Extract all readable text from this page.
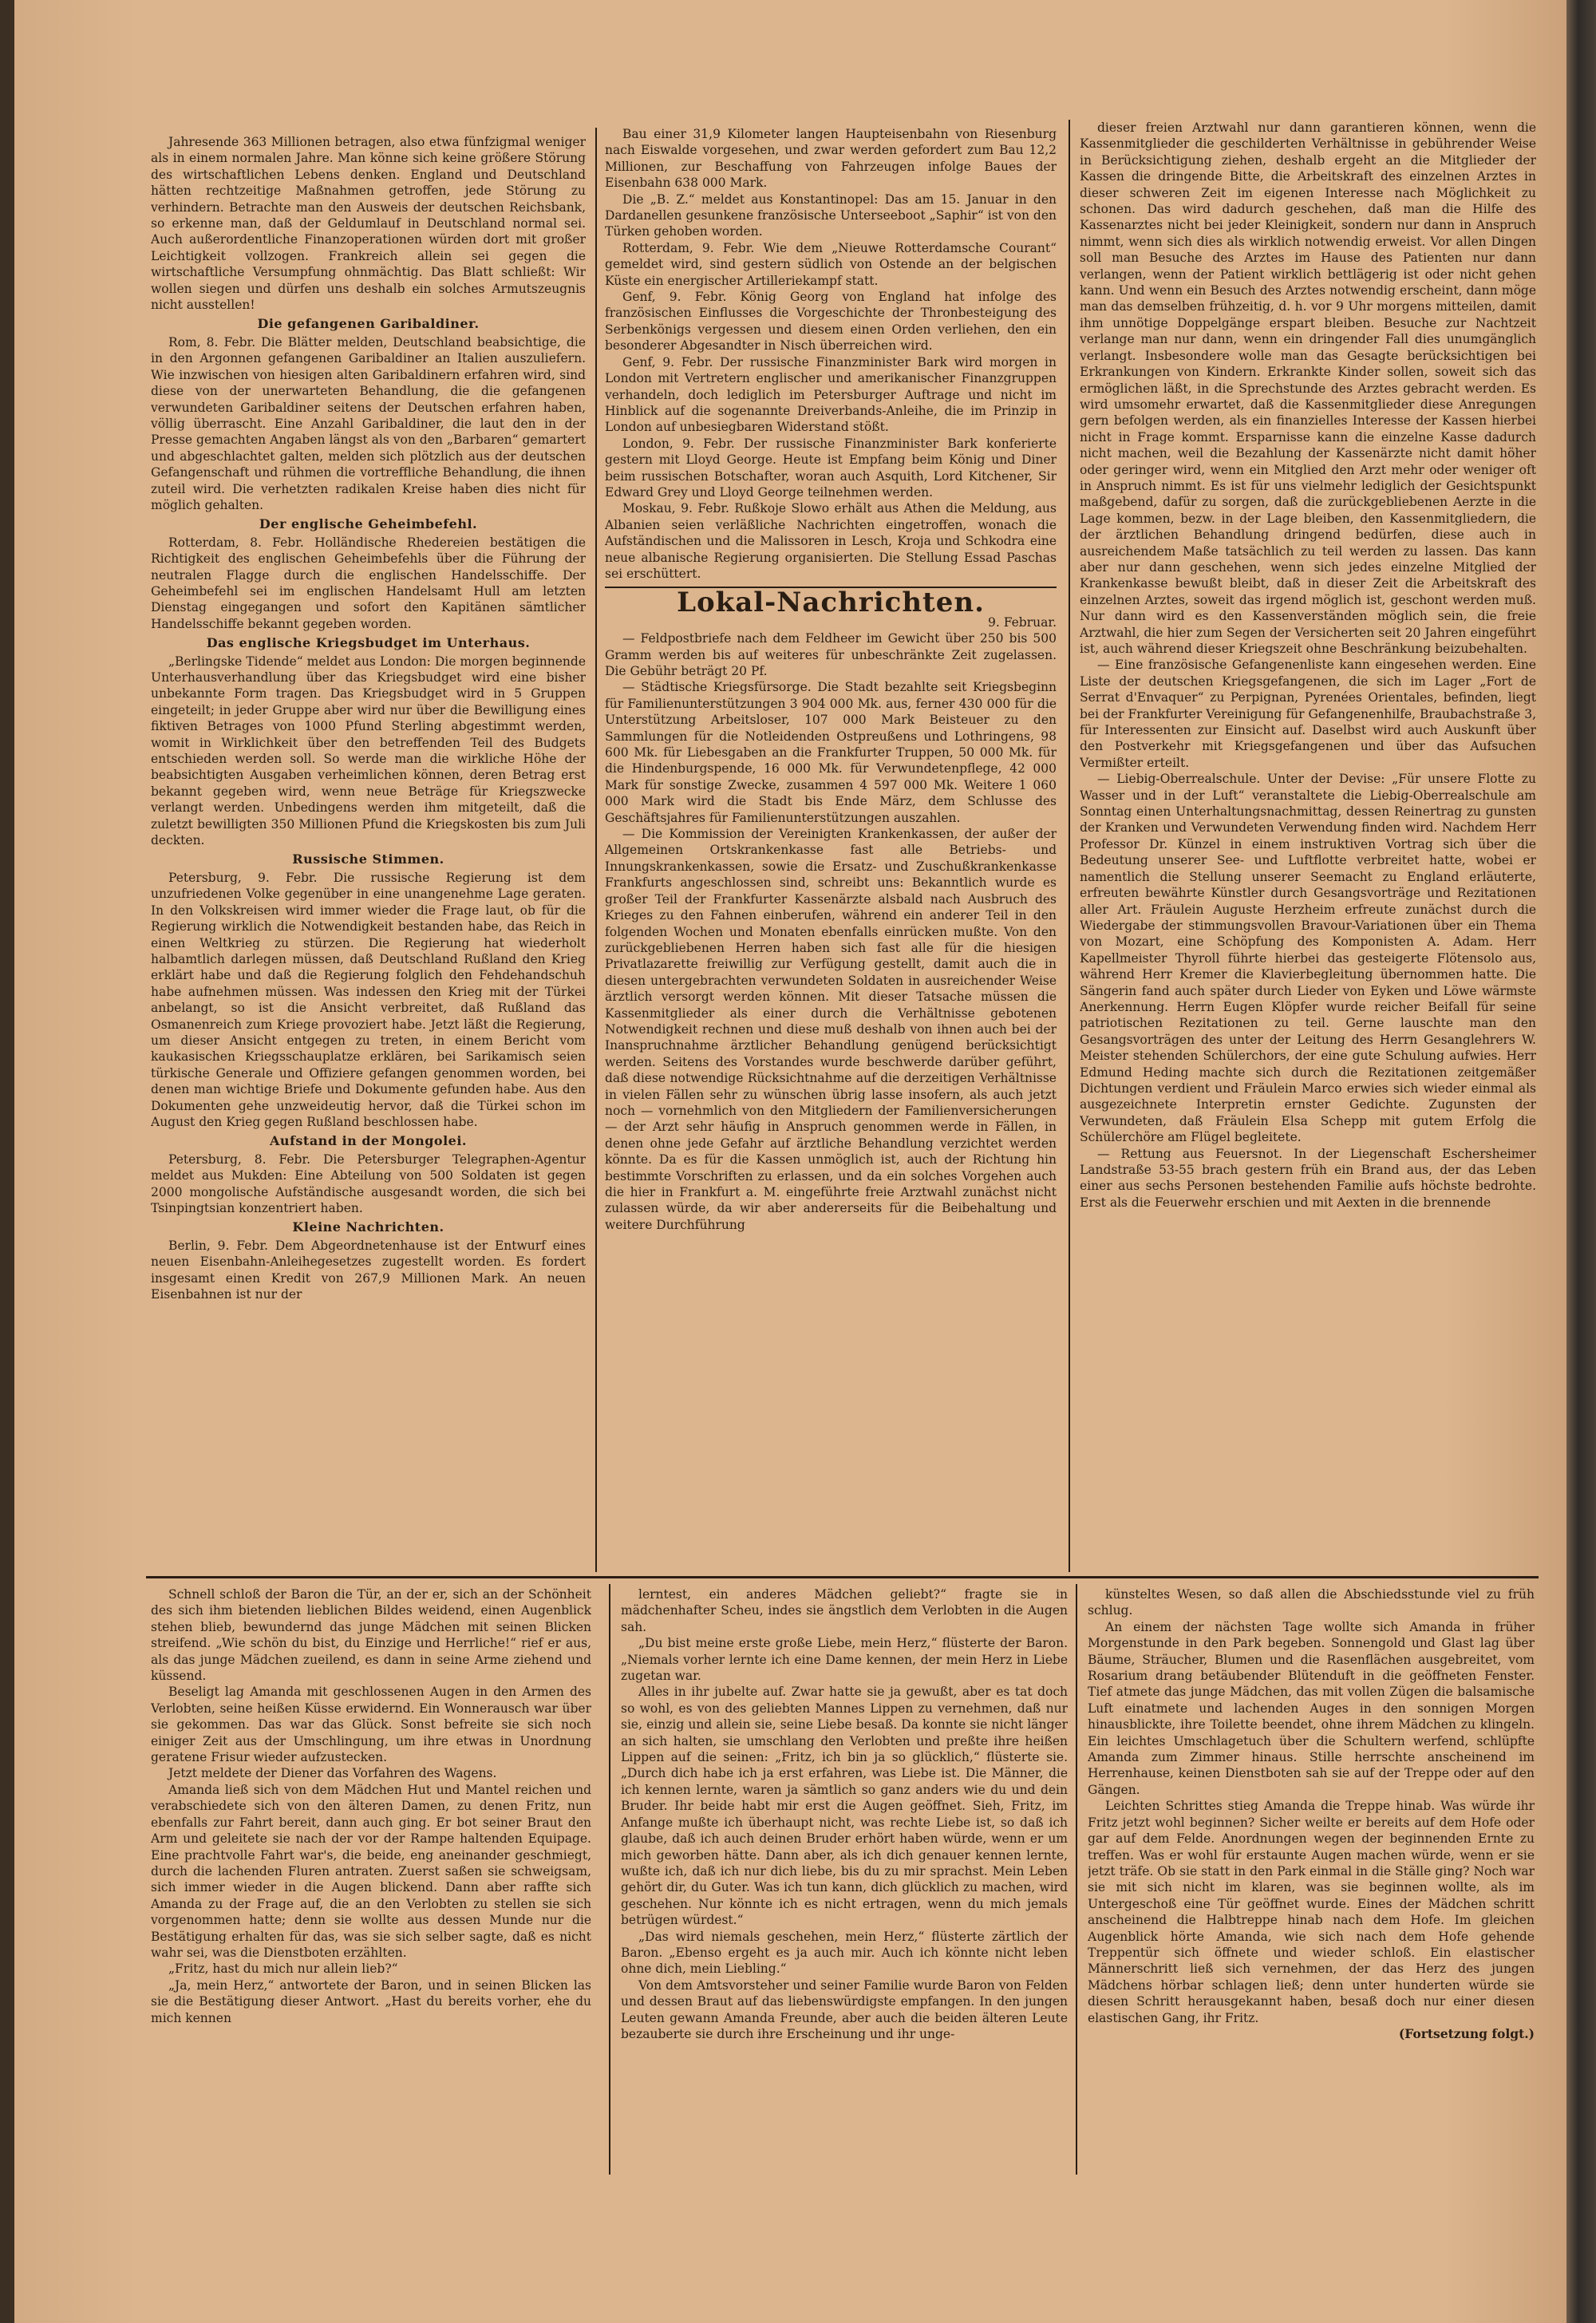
Jahresende 363 Millionen betragen, also etwa fünfzigmal weniger als in einem normalen Jahre. Man könne sich keine größere Störung des wirtschaftlichen Lebens denken. England und Deutschland hätten rechtzeitige Maßnahmen getroffen, jede Störung zu verhindern. Betrachte man den Ausweis der deutschen Reichsbank, so erkenne man, daß der Geldumlauf in Deutschland normal sei. Auch außerordentliche Finanzoperationen würden dort mit großer Leichtigkeit vollzogen. Frankreich allein sei gegen die wirtschaftliche Versumpfung ohnmächtig. Das Blatt schließt: Wir wollen siegen und dürfen uns deshalb ein solches Armutszeugnis nicht ausstellen!

Die gefangenen Garibaldiner.

Rom, 8. Febr. Die Blätter melden, Deutschland beabsichtige, die in den Argonnen gefangenen Garibaldiner an Italien auszuliefern. Wie inzwischen von hiesigen alten Garibaldinern erfahren wird, sind diese von der unerwarteten Behandlung, die die gefangenen verwundeten Garibaldiner seitens der Deutschen erfahren haben, völlig überrascht. Eine Anzahl Garibaldiner, die laut den in der Presse gemachten Angaben längst als von den „Barbaren“ gemartert und abgeschlachtet galten, melden sich plötzlich aus der deutschen Gefangenschaft und rühmen die vortreffliche Behandlung, die ihnen zuteil wird. Die verhetzten radikalen Kreise haben dies nicht für möglich gehalten.

Der englische Geheimbefehl.

Rotterdam, 8. Febr. Holländische Rhedereien bestätigen die Richtigkeit des englischen Geheimbefehls über die Führung der neutralen Flagge durch die englischen Handelsschiffe. Der Geheimbefehl sei im englischen Handelsamt Hull am letzten Dienstag eingegangen und sofort den Kapitänen sämtlicher Handelsschiffe bekannt gegeben worden.

Das englische Kriegsbudget im Unterhaus.

„Berlingske Tidende“ meldet aus London: Die morgen beginnende Unterhausverhandlung über das Kriegsbudget wird eine bisher unbekannte Form tragen. Das Kriegsbudget wird in 5 Gruppen eingeteilt; in jeder Gruppe aber wird nur über die Bewilligung eines fiktiven Betrages von 1000 Pfund Sterling abgestimmt werden, womit in Wirklichkeit über den betreffenden Teil des Budgets entschieden werden soll. So werde man die wirkliche Höhe der beabsichtigten Ausgaben verheimlichen können, deren Betrag erst bekannt gegeben wird, wenn neue Beträge für Kriegszwecke verlangt werden. Unbedingens werden ihm mitgeteilt, daß die zuletzt bewilligten 350 Millionen Pfund die Kriegskosten bis zum Juli deckten.

Russische Stimmen.

Petersburg, 9. Febr. Die russische Regierung ist dem unzufriedenen Volke gegenüber in eine unangenehme Lage geraten. In den Volkskreisen wird immer wieder die Frage laut, ob für die Regierung wirklich die Notwendigkeit bestanden habe, das Reich in einen Weltkrieg zu stürzen. Die Regierung hat wiederholt halbamtlich darlegen müssen, daß Deutschland Rußland den Krieg erklärt habe und daß die Regierung folglich den Fehdehandschuh habe aufnehmen müssen. Was indessen den Krieg mit der Türkei anbelangt, so ist die Ansicht verbreitet, daß Rußland das Osmanenreich zum Kriege provoziert habe. Jetzt läßt die Regierung, um dieser Ansicht entgegen zu treten, in einem Bericht vom kaukasischen Kriegsschauplatze erklären, bei Sarikamisch seien türkische Generale und Offiziere gefangen genommen worden, bei denen man wichtige Briefe und Dokumente gefunden habe. Aus den Dokumenten gehe unzweideutig hervor, daß die Türkei schon im August den Krieg gegen Rußland beschlossen habe.

Aufstand in der Mongolei.

Petersburg, 8. Febr. Die Petersburger Telegraphen-Agentur meldet aus Mukden: Eine Abteilung von 500 Soldaten ist gegen 2000 mongolische Aufständische ausgesandt worden, die sich bei Tsinpingtsian konzentriert haben.

Kleine Nachrichten.

Berlin, 9. Febr. Dem Abgeordnetenhause ist der Entwurf eines neuen Eisenbahn-Anleihegesetzes zugestellt worden. Es fordert insgesamt einen Kredit von 267,9 Millionen Mark. An neuen Eisenbahnen ist nur der

Bau einer 31,9 Kilometer langen Haupteisenbahn von Riesenburg nach Eiswalde vorgesehen, und zwar werden gefordert zum Bau 12,2 Millionen, zur Beschaffung von Fahrzeugen infolge Baues der Eisenbahn 638 000 Mark.

Die „B. Z.“ meldet aus Konstantinopel: Das am 15. Januar in den Dardanellen gesunkene französische Unterseeboot „Saphir“ ist von den Türken gehoben worden.

Rotterdam, 9. Febr. Wie dem „Nieuwe Rotterdamsche Courant“ gemeldet wird, sind gestern südlich von Ostende an der belgischen Küste ein energischer Artilleriekampf statt.

Genf, 9. Febr. König Georg von England hat infolge des französischen Einflusses die Vorgeschichte der Thronbesteigung des Serbenkönigs vergessen und diesem einen Orden verliehen, den ein besonderer Abgesandter in Nisch überreichen wird.

Genf, 9. Febr. Der russische Finanzminister Bark wird morgen in London mit Vertretern englischer und amerikanischer Finanzgruppen verhandeln, doch lediglich im Petersburger Auftrage und nicht im Hinblick auf die sogenannte Dreiverbands-Anleihe, die im Prinzip in London auf unbesiegbaren Widerstand stößt.

London, 9. Febr. Der russische Finanzminister Bark konferierte gestern mit Lloyd George. Heute ist Empfang beim König und Diner beim russischen Botschafter, woran auch Asquith, Lord Kitchener, Sir Edward Grey und Lloyd George teilnehmen werden.

Moskau, 9. Febr. Rußkoje Slowo erhält aus Athen die Meldung, aus Albanien seien verläßliche Nachrichten eingetroffen, wonach die Aufständischen und die Malissoren in Lesch, Kroja und Schkodra eine neue albanische Regierung organisierten. Die Stellung Essad Paschas sei erschüttert.

Lokal-Nachrichten.

9. Februar.

— Feldpostbriefe nach dem Feldheer im Gewicht über 250 bis 500 Gramm werden bis auf weiteres für unbeschränkte Zeit zugelassen. Die Gebühr beträgt 20 Pf.

— Städtische Kriegsfürsorge. Die Stadt bezahlte seit Kriegsbeginn für Familienunterstützungen 3 904 000 Mk. aus, ferner 430 000 für die Unterstützung Arbeitsloser, 107 000 Mark Beisteuer zu den Sammlungen für die Notleidenden Ostpreußens und Lothringens, 98 600 Mk. für Liebesgaben an die Frankfurter Truppen, 50 000 Mk. für die Hindenburgspende, 16 000 Mk. für Verwundetenpflege, 42 000 Mark für sonstige Zwecke, zusammen 4 597 000 Mk. Weitere 1 060 000 Mark wird die Stadt bis Ende März, dem Schlusse des Geschäftsjahres für Familienunterstützungen auszahlen.

— Die Kommission der Vereinigten Krankenkassen, der außer der Allgemeinen Ortskrankenkasse fast alle Betriebs- und Innungskrankenkassen, sowie die Ersatz- und Zuschußkrankenkasse Frankfurts angeschlossen sind, schreibt uns: Bekanntlich wurde es großer Teil der Frankfurter Kassenärzte alsbald nach Ausbruch des Krieges zu den Fahnen einberufen, während ein anderer Teil in den folgenden Wochen und Monaten ebenfalls einrücken mußte. Von den zurückgebliebenen Herren haben sich fast alle für die hiesigen Privatlazarette freiwillig zur Verfügung gestellt, damit auch die in diesen untergebrachten verwundeten Soldaten in ausreichender Weise ärztlich versorgt werden können. Mit dieser Tatsache müssen die Kassenmitglieder als einer durch die Verhältnisse gebotenen Notwendigkeit rechnen und diese muß deshalb von ihnen auch bei der Inanspruchnahme ärztlicher Behandlung genügend berücksichtigt werden. Seitens des Vorstandes wurde beschwerde darüber geführt, daß diese notwendige Rücksichtnahme auf die derzeitigen Verhältnisse in vielen Fällen sehr zu wünschen übrig lasse insofern, als auch jetzt noch — vornehmlich von den Mitgliedern der Familienversicherungen — der Arzt sehr häufig in Anspruch genommen werde in Fällen, in denen ohne jede Gefahr auf ärztliche Behandlung verzichtet werden könnte. Da es für die Kassen unmöglich ist, auch der Richtung hin bestimmte Vorschriften zu erlassen, und da ein solches Vorgehen auch die hier in Frankfurt a. M. eingeführte freie Arztwahl zunächst nicht zulassen würde, da wir aber andererseits für die Beibehaltung und weitere Durchführung

dieser freien Arztwahl nur dann garantieren können, wenn die Kassenmitglieder die geschilderten Verhältnisse in gebührender Weise in Berücksichtigung ziehen, deshalb ergeht an die Mitglieder der Kassen die dringende Bitte, die Arbeitskraft des einzelnen Arztes in dieser schweren Zeit im eigenen Interesse nach Möglichkeit zu schonen. Das wird dadurch geschehen, daß man die Hilfe des Kassenarztes nicht bei jeder Kleinigkeit, sondern nur dann in Anspruch nimmt, wenn sich dies als wirklich notwendig erweist. Vor allen Dingen soll man Besuche des Arztes im Hause des Patienten nur dann verlangen, wenn der Patient wirklich bettlägerig ist oder nicht gehen kann. Und wenn ein Besuch des Arztes notwendig erscheint, dann möge man das demselben frühzeitig, d. h. vor 9 Uhr morgens mitteilen, damit ihm unnötige Doppelgänge erspart bleiben. Besuche zur Nachtzeit verlange man nur dann, wenn ein dringender Fall dies unumgänglich verlangt. Insbesondere wolle man das Gesagte berücksichtigen bei Erkrankungen von Kindern. Erkrankte Kinder sollen, soweit sich das ermöglichen läßt, in die Sprechstunde des Arztes gebracht werden. Es wird umsomehr erwartet, daß die Kassenmitglieder diese Anregungen gern befolgen werden, als ein finanzielles Interesse der Kassen hierbei nicht in Frage kommt. Ersparnisse kann die einzelne Kasse dadurch nicht machen, weil die Bezahlung der Kassenärzte nicht damit höher oder geringer wird, wenn ein Mitglied den Arzt mehr oder weniger oft in Anspruch nimmt. Es ist für uns vielmehr lediglich der Gesichtspunkt maßgebend, dafür zu sorgen, daß die zurückgebliebenen Aerzte in die Lage kommen, bezw. in der Lage bleiben, den Kassenmitgliedern, die der ärztlichen Behandlung dringend bedürfen, diese auch in ausreichendem Maße tatsächlich zu teil werden zu lassen. Das kann aber nur dann geschehen, wenn sich jedes einzelne Mitglied der Krankenkasse bewußt bleibt, daß in dieser Zeit die Arbeitskraft des einzelnen Arztes, soweit das irgend möglich ist, geschont werden muß. Nur dann wird es den Kassenverständen möglich sein, die freie Arztwahl, die hier zum Segen der Versicherten seit 20 Jahren eingeführt ist, auch während dieser Kriegszeit ohne Beschränkung beizubehalten.

— Eine französische Gefangenenliste kann eingesehen werden. Eine Liste der deutschen Kriegsgefangenen, die sich im Lager „Fort de Serrat d'Envaquer“ zu Perpignan, Pyrenées Orientales, befinden, liegt bei der Frankfurter Vereinigung für Gefangenenhilfe, Braubachstraße 3, für Interessenten zur Einsicht auf. Daselbst wird auch Auskunft über den Postverkehr mit Kriegsgefangenen und über das Aufsuchen Vermißter erteilt.

— Liebig-Oberrealschule. Unter der Devise: „Für unsere Flotte zu Wasser und in der Luft“ veranstaltete die Liebig-Oberrealschule am Sonntag einen Unterhaltungsnachmittag, dessen Reinertrag zu gunsten der Kranken und Verwundeten Verwendung finden wird. Nachdem Herr Professor Dr. Künzel in einem instruktiven Vortrag sich über die Bedeutung unserer See- und Luftflotte verbreitet hatte, wobei er namentlich die Stellung unserer Seemacht zu England erläuterte, erfreuten bewährte Künstler durch Gesangsvorträge und Rezitationen aller Art. Fräulein Auguste Herzheim erfreute zunächst durch die Wiedergabe der stimmungsvollen Bravour-Variationen über ein Thema von Mozart, eine Schöpfung des Komponisten A. Adam. Herr Kapellmeister Thyroll führte hierbei das gesteigerte Flötensolo aus, während Herr Kremer die Klavierbegleitung übernommen hatte. Die Sängerin fand auch später durch Lieder von Eyken und Löwe wärmste Anerkennung. Herrn Eugen Klöpfer wurde reicher Beifall für seine patriotischen Rezitationen zu teil. Gerne lauschte man den Gesangsvorträgen des unter der Leitung des Herrn Gesanglehrers W. Meister stehenden Schülerchors, der eine gute Schulung aufwies. Herr Edmund Heding machte sich durch die Rezitationen zeitgemäßer Dichtungen verdient und Fräulein Marco erwies sich wieder einmal als ausgezeichnete Interpretin ernster Gedichte. Zugunsten der Verwundeten, daß Fräulein Elsa Schepp mit gutem Erfolg die Schülerchöre am Flügel begleitete.

— Rettung aus Feuersnot. In der Liegenschaft Eschersheimer Landstraße 53-55 brach gestern früh ein Brand aus, der das Leben einer aus sechs Personen bestehenden Familie aufs höchste bedrohte. Erst als die Feuerwehr erschien und mit Aexten in die brennende

Schnell schloß der Baron die Tür, an der er, sich an der Schönheit des sich ihm bietenden lieblichen Bildes weidend, einen Augenblick stehen blieb, bewundernd das junge Mädchen mit seinen Blicken streifend. „Wie schön du bist, du Einzige und Herrliche!“ rief er aus, als das junge Mädchen zueilend, es dann in seine Arme ziehend und küssend.

Beseligt lag Amanda mit geschlossenen Augen in den Armen des Verlobten, seine heißen Küsse erwidernd. Ein Wonnerausch war über sie gekommen. Das war das Glück. Sonst befreite sie sich noch einiger Zeit aus der Umschlingung, um ihre etwas in Unordnung geratene Frisur wieder aufzustecken.

Jetzt meldete der Diener das Vorfahren des Wagens.

Amanda ließ sich von dem Mädchen Hut und Mantel reichen und verabschiedete sich von den älteren Damen, zu denen Fritz, nun ebenfalls zur Fahrt bereit, dann auch ging. Er bot seiner Braut den Arm und geleitete sie nach der vor der Rampe haltenden Equipage. Eine prachtvolle Fahrt war's, die beide, eng aneinander geschmiegt, durch die lachenden Fluren antraten. Zuerst saßen sie schweigsam, sich immer wieder in die Augen blickend. Dann aber raffte sich Amanda zu der Frage auf, die an den Verlobten zu stellen sie sich vorgenommen hatte; denn sie wollte aus dessen Munde nur die Bestätigung erhalten für das, was sie sich selber sagte, daß es nicht wahr sei, was die Dienstboten erzählten.

„Fritz, hast du mich nur allein lieb?“

„Ja, mein Herz,“ antwortete der Baron, und in seinen Blicken las sie die Bestätigung dieser Antwort. „Hast du bereits vorher, ehe du mich kennen

lerntest, ein anderes Mädchen geliebt?“ fragte sie in mädchenhafter Scheu, indes sie ängstlich dem Verlobten in die Augen sah.

„Du bist meine erste große Liebe, mein Herz,“ flüsterte der Baron. „Niemals vorher lernte ich eine Dame kennen, der mein Herz in Liebe zugetan war.

Alles in ihr jubelte auf. Zwar hatte sie ja gewußt, aber es tat doch so wohl, es von des geliebten Mannes Lippen zu vernehmen, daß nur sie, einzig und allein sie, seine Liebe besaß. Da konnte sie nicht länger an sich halten, sie umschlang den Verlobten und preßte ihre heißen Lippen auf die seinen: „Fritz, ich bin ja so glücklich,“ flüsterte sie. „Durch dich habe ich ja erst erfahren, was Liebe ist. Die Männer, die ich kennen lernte, waren ja sämtlich so ganz anders wie du und dein Bruder. Ihr beide habt mir erst die Augen geöffnet. Sieh, Fritz, im Anfange mußte ich überhaupt nicht, was rechte Liebe ist, so daß ich glaube, daß ich auch deinen Bruder erhört haben würde, wenn er um mich geworben hätte. Dann aber, als ich dich genauer kennen lernte, wußte ich, daß ich nur dich liebe, bis du zu mir sprachst. Mein Leben gehört dir, du Guter. Was ich tun kann, dich glücklich zu machen, wird geschehen. Nur könnte ich es nicht ertragen, wenn du mich jemals betrügen würdest.“

„Das wird niemals geschehen, mein Herz,“ flüsterte zärtlich der Baron. „Ebenso ergeht es ja auch mir. Auch ich könnte nicht leben ohne dich, mein Liebling.“

Von dem Amtsvorsteher und seiner Familie wurde Baron von Felden und dessen Braut auf das liebenswürdigste empfangen. In den jungen Leuten gewann Amanda Freunde, aber auch die beiden älteren Leute bezauberte sie durch ihre Erscheinung und ihr unge-

künsteltes Wesen, so daß allen die Abschiedsstunde viel zu früh schlug.

An einem der nächsten Tage wollte sich Amanda in früher Morgenstunde in den Park begeben. Sonnengold und Glast lag über Bäume, Sträucher, Blumen und die Rasenflächen ausgebreitet, vom Rosarium drang betäubender Blütenduft in die geöffneten Fenster. Tief atmete das junge Mädchen, das mit vollen Zügen die balsamische Luft einatmete und lachenden Auges in den sonnigen Morgen hinausblickte, ihre Toilette beendet, ohne ihrem Mädchen zu klingeln. Ein leichtes Umschlagetuch über die Schultern werfend, schlüpfte Amanda zum Zimmer hinaus. Stille herrschte anscheinend im Herrenhause, keinen Dienstboten sah sie auf der Treppe oder auf den Gängen.

Leichten Schrittes stieg Amanda die Treppe hinab. Was würde ihr Fritz jetzt wohl beginnen? Sicher weilte er bereits auf dem Hofe oder gar auf dem Felde. Anordnungen wegen der beginnenden Ernte zu treffen. Was er wohl für erstaunte Augen machen würde, wenn er sie jetzt träfe. Ob sie statt in den Park einmal in die Ställe ging? Noch war sie mit sich nicht im klaren, was sie beginnen wollte, als im Untergeschoß eine Tür geöffnet wurde. Eines der Mädchen schritt anscheinend die Halbtreppe hinab nach dem Hofe. Im gleichen Augenblick hörte Amanda, wie sich nach dem Hofe gehende Treppentür sich öffnete und wieder schloß. Ein elastischer Männerschritt ließ sich vernehmen, der das Herz des jungen Mädchens hörbar schlagen ließ; denn unter hunderten würde sie diesen Schritt herausgekannt haben, besaß doch nur einer diesen elastischen Gang, ihr Fritz.

(Fortsetzung folgt.)
